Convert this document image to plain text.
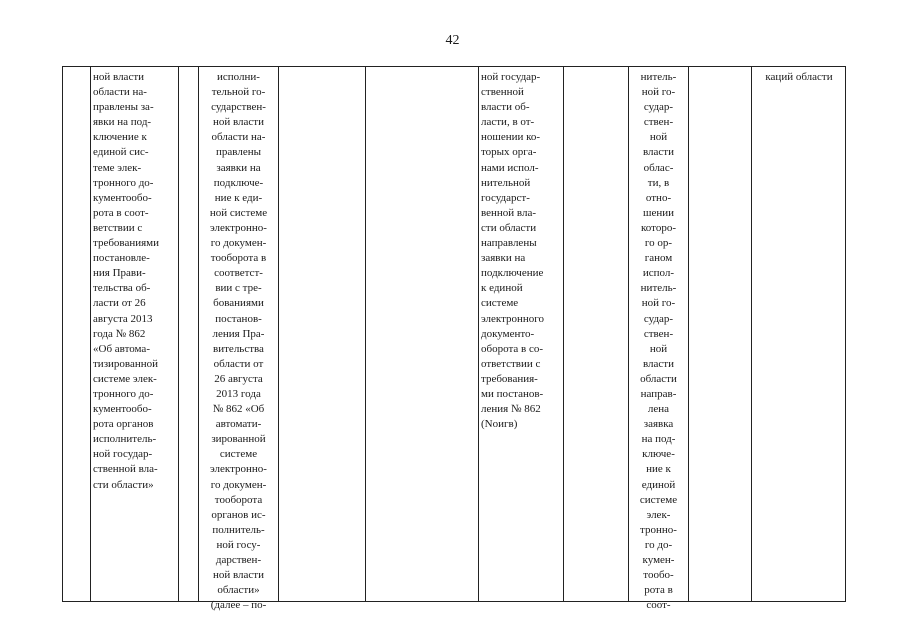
42
ной власти
области на-
правлены за-
явки на под-
ключение к
единой сис-
теме элек-
тронного до-
кументообо-
рота в соот-
ветствии с
требованиями
постановле-
ния Прави-
тельства об-
ласти от 26
августа 2013
года № 862
«Об автома-
тизированной
системе элек-
тронного до-
кументообо-
рота органов
исполнитель-
ной государ-
ственной вла-
сти области»
исполни-
тельной го-
сударствен-
ной власти
области на-
правлены
заявки на
подключе-
ние к еди-
ной системе
электронно-
го докумен-
тооборота в
соответст-
вии с тре-
бованиями
постанов-
ления Пра-
вительства
области от
26 августа
2013 года
№ 862 «Об
автомати-
зированной
системе
электронно-
го докумен-
тооборота
органов ис-
полнитель-
ной госу-
дарствен-
ной власти
области»
(далее – по-
ной государ-
ственной
власти об-
ласти, в от-
ношении ко-
торых орга-
нами испол-
нительной
государст-
венной вла-
сти области
направлены
заявки на
подключение
к единой
системе
электронного
документо-
оборота в со-
ответствии с
требования-
ми постанов-
ления № 862
(Nоигв)
нитель-
ной го-
судар-
ствен-
ной
власти
облас-
ти, в
отно-
шении
которо-
го ор-
ганом
испол-
нитель-
ной го-
судар-
ствен-
ной
власти
области
направ-
лена
заявка
на под-
ключе-
ние к
единой
системе
элек-
тронно-
го до-
кумен-
тообо-
рота в
соот-
каций области
